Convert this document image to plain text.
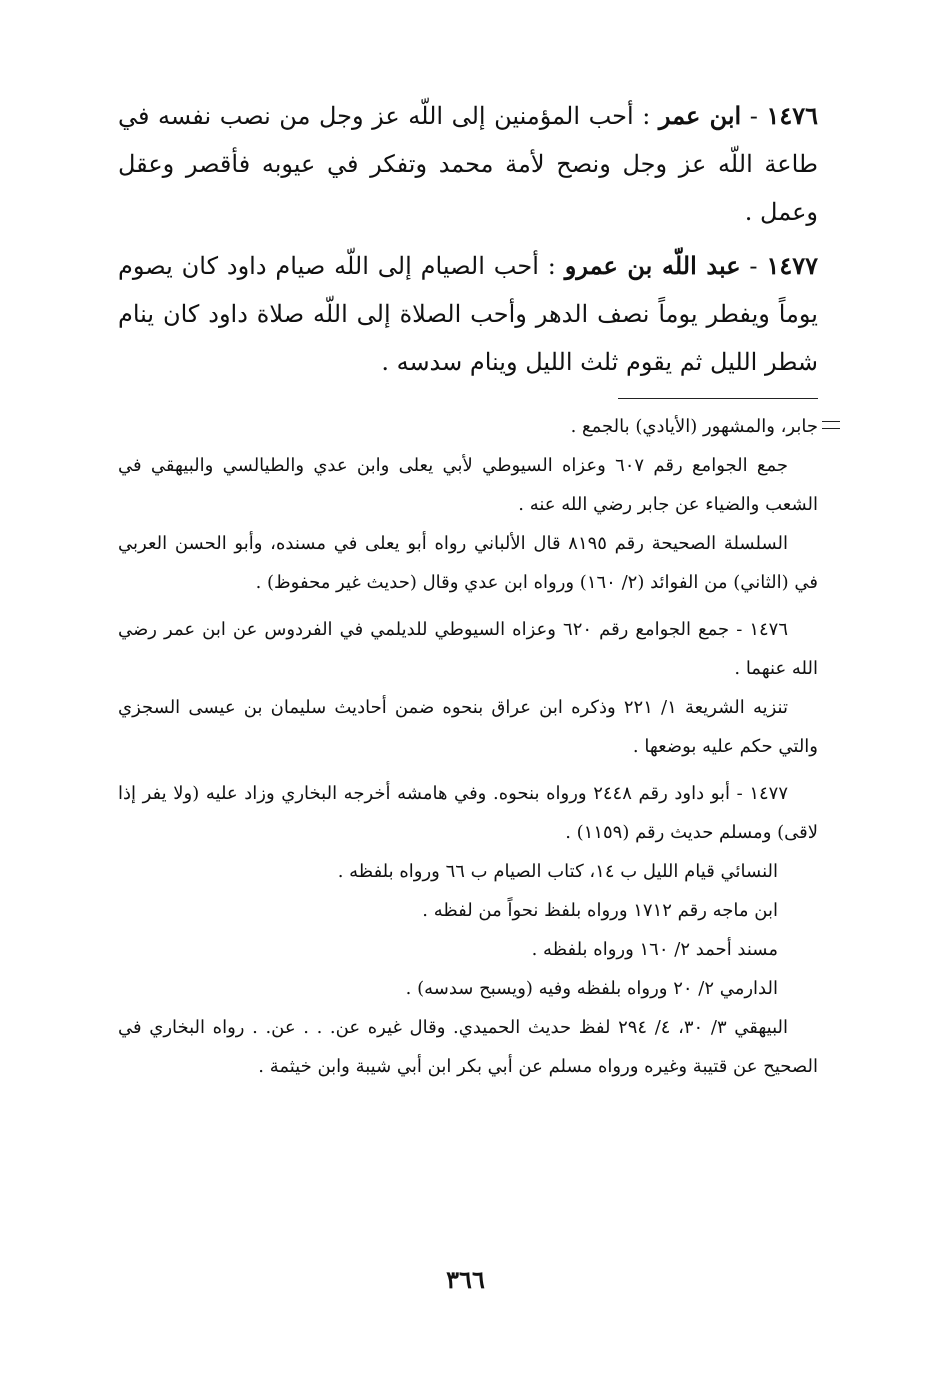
١٤٧٦ - ابن عمر : أحب المؤمنين إلى اللّه عز وجل من نصب نفسه في طاعة اللّه عز وجل ونصح لأمة محمد وتفكر في عيوبه فأقصر وعقل وعمل .

١٤٧٧ - عبد اللّه بن عمرو : أحب الصيام إلى اللّه صيام داود كان يصوم يوماً ويفطر يوماً نصف الدهر وأحب الصلاة إلى اللّه صلاة داود كان ينام شطر الليل ثم يقوم ثلث الليل وينام سدسه .

جابر، والمشهور (الأيادي) بالجمع .

جمع الجوامع رقم ٦٠٧ وعزاه السيوطي لأبي يعلى وابن عدي والطيالسي والبيهقي في الشعب والضياء عن جابر رضي الله عنه .

السلسلة الصحيحة رقم ٨١٩٥ قال الألباني رواه أبو يعلى في مسنده، وأبو الحسن العربي في (الثاني) من الفوائد (٢/ ١٦٠) ورواه ابن عدي وقال (حديث غير محفوظ) .

١٤٧٦ - جمع الجوامع رقم ٦٢٠ وعزاه السيوطي للديلمي في الفردوس عن ابن عمر رضي الله عنهما .

تنزيه الشريعة ١/ ٢٢١ وذكره ابن عراق بنحوه ضمن أحاديث سليمان بن عيسى السجزي والتي حكم عليه بوضعها .

١٤٧٧ - أبو داود رقم ٢٤٤٨ ورواه بنحوه. وفي هامشه أخرجه البخاري وزاد عليه (ولا يفر إذا لاقى) ومسلم حديث رقم (١١٥٩) .

النسائي قيام الليل ب ١٤، كتاب الصيام ب ٦٦ ورواه بلفظه .

ابن ماجه رقم ١٧١٢ ورواه بلفظ نحواً من لفظه .

مسند أحمد ٢/ ١٦٠ ورواه بلفظه .

الدارمي ٢/ ٢٠ ورواه بلفظه وفيه (ويسبح سدسه) .

البيهقي ٣/ ٣٠، ٤/ ٢٩٤ لفظ حديث الحميدي. وقال غيره عن. . . عن. . رواه البخاري في الصحيح عن قتيبة وغيره ورواه مسلم عن أبي بكر ابن أبي شيبة وابن خيثمة .

٣٦٦
